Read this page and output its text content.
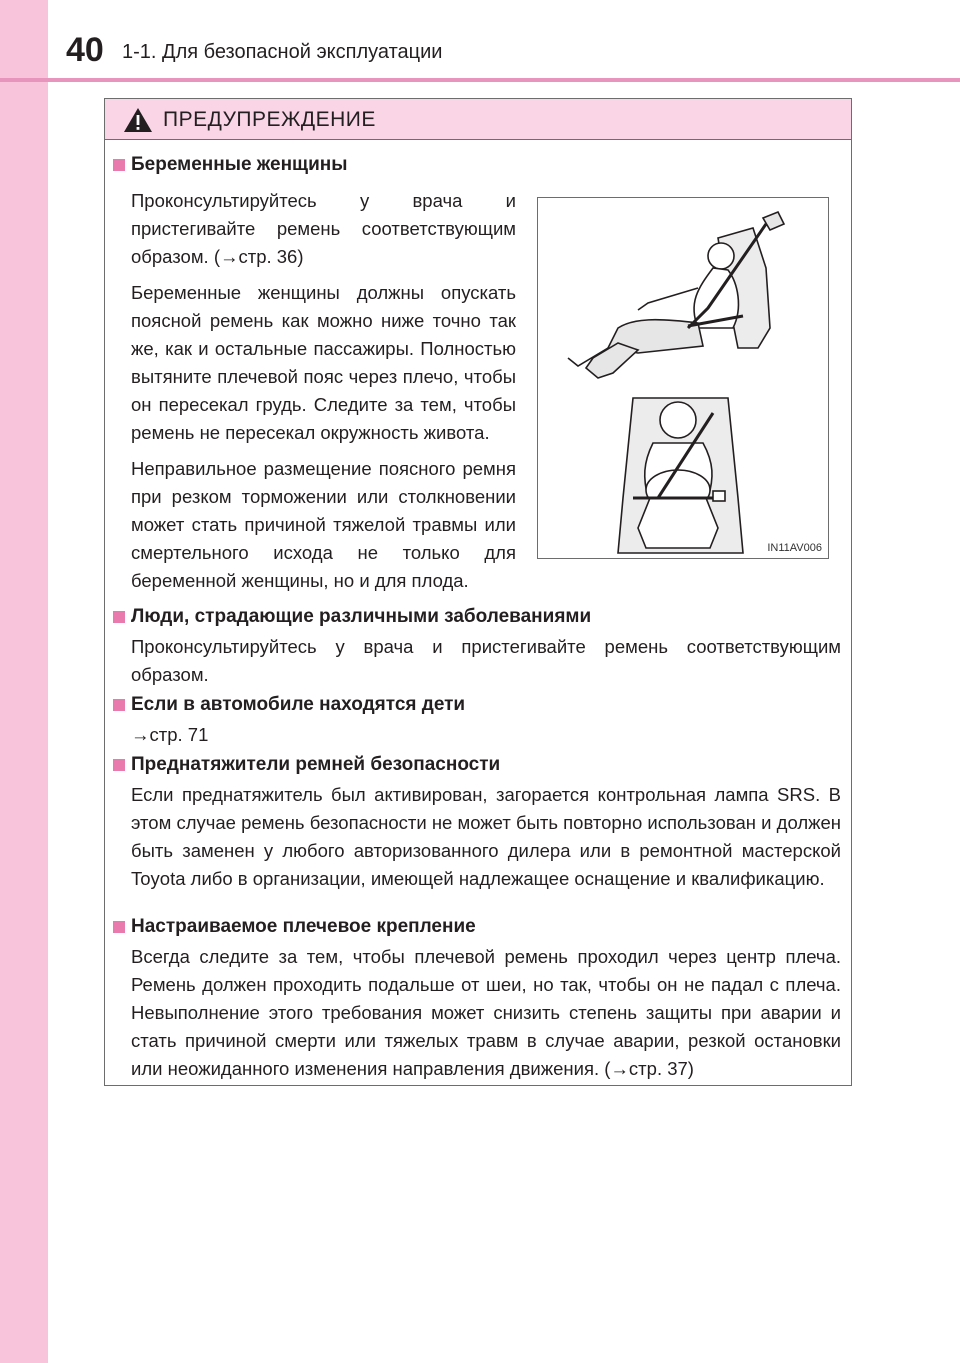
40 1-1. Для безопасной эксплуатации
ПРЕДУПРЕЖДЕНИЕ
Беременные женщины

Проконсультируйтесь у врача и пристегивайте ремень соответствующим образом. (→стр. 36)

Беременные женщины должны опускать поясной ремень как можно ниже точно так же, как и остальные пассажиры. Полностью вытяните плечевой пояс через плечо, чтобы он пересекал грудь. Следите за тем, чтобы ремень не пересекал окружность живота.

Неправильное размещение поясного ремня при резком торможении или столкновении может стать причиной тяжелой травмы или смертельного исхода не только для беременной женщины, но и для плода.

IN11AV006
Люди, страдающие различными заболеваниями

Проконсультируйтесь у врача и пристегивайте ремень соответствующим образом.

Если в автомобиле находятся дети

→стр. 71

Преднатяжители ремней безопасности

Если преднатяжитель был активирован, загорается контрольная лампа SRS. В этом случае ремень безопасности не может быть повторно использован и должен быть заменен у любого авторизованного дилера или в ремонтной мастерской Toyota либо в организации, имеющей надлежащее оснащение и квалификацию.

Настраиваемое плечевое крепление

Всегда следите за тем, чтобы плечевой ремень проходил через центр плеча. Ремень должен проходить подальше от шеи, но так, чтобы он не падал с плеча. Невыполнение этого требования может снизить степень защиты при аварии и стать причиной смерти или тяжелых травм в случае аварии, резкой остановки или неожиданного изменения направления движения. (→стр. 37)
